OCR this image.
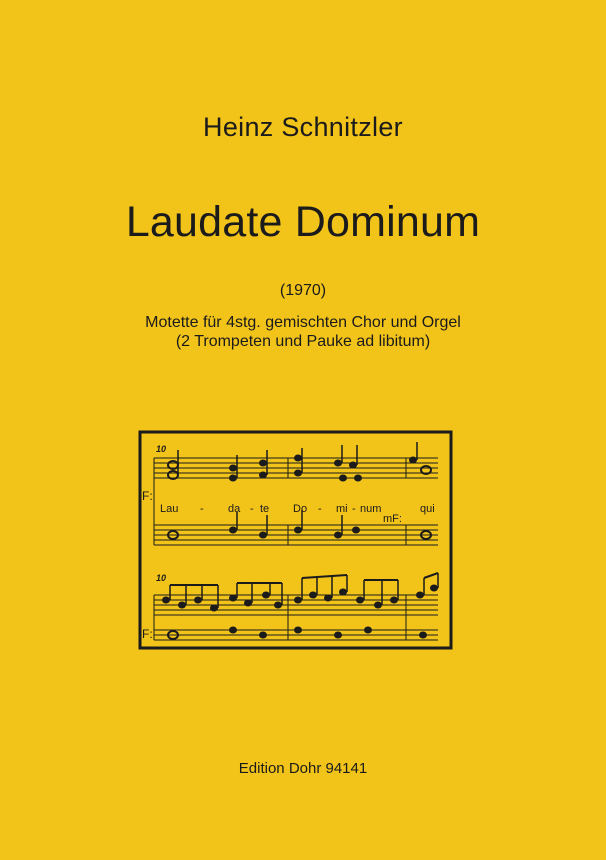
Heinz Schnitzler
Laudate Dominum
(1970)
Motette für 4stg. gemischten Chor und Orgel
(2 Trompeten und Pauke ad libitum)
10
F:
mF:
Lau - da - te Do - mi - num	qui
10
F:
Edition Dohr 94141
